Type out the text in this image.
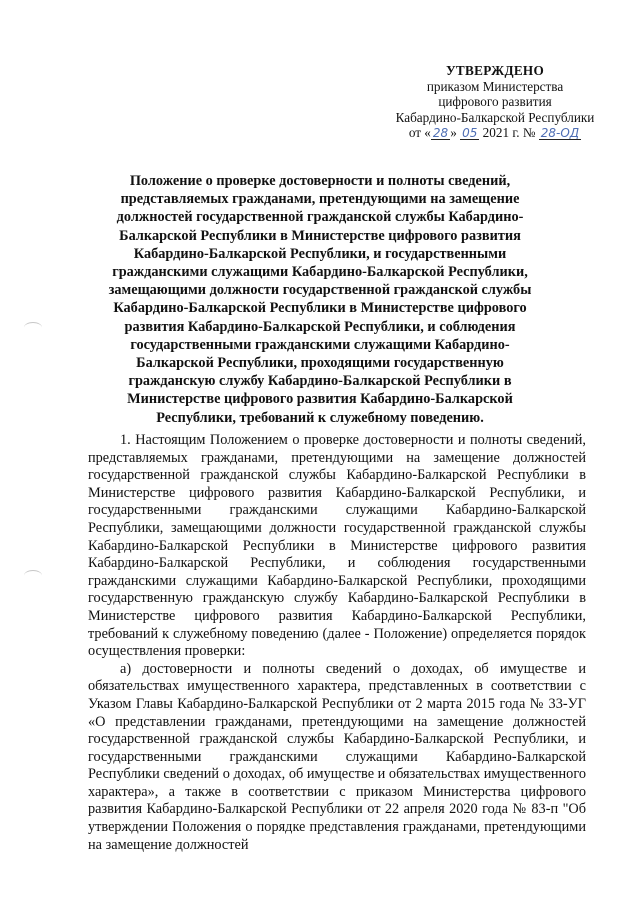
УТВЕРЖДЕНО
приказом Министерства
цифрового развития
Кабардино-Балкарской Республики
от « 28 » 05 2021 г. № 28-ОД
Положение о проверке достоверности и полноты сведений, представляемых гражданами, претендующими на замещение должностей государственной гражданской службы Кабардино-Балкарской Республики в Министерстве цифрового развития Кабардино-Балкарской Республики, и государственными гражданскими служащими Кабардино-Балкарской Республики, замещающими должности государственной гражданской службы Кабардино-Балкарской Республики в Министерстве цифрового развития Кабардино-Балкарской Республики, и соблюдения государственными гражданскими служащими Кабардино-Балкарской Республики, проходящими государственную гражданскую службу Кабардино-Балкарской Республики в Министерстве цифрового развития Кабардино-Балкарской Республики, требований к служебному поведению.

1. Настоящим Положением о проверке достоверности и полноты сведений, представляемых гражданами, претендующими на замещение должностей государственной гражданской службы Кабардино-Балкарской Республики в Министерстве цифрового развития Кабардино-Балкарской Республики, и государственными гражданскими служащими Кабардино-Балкарской Республики, замещающими должности государственной гражданской службы Кабардино-Балкарской Республики в Министерстве цифрового развития Кабардино-Балкарской Республики, и соблюдения государственными гражданскими служащими Кабардино-Балкарской Республики, проходящими государственную гражданскую службу Кабардино-Балкарской Республики в Министерстве цифрового развития Кабардино-Балкарской Республики, требований к служебному поведению (далее - Положение) определяется порядок осуществления проверки:

а) достоверности и полноты сведений о доходах, об имуществе и обязательствах имущественного характера, представленных в соответствии с Указом Главы Кабардино-Балкарской Республики от 2 марта 2015 года № 33-УГ «О представлении гражданами, претендующими на замещение должностей государственной гражданской службы Кабардино-Балкарской Республики, и государственными гражданскими служащими Кабардино-Балкарской Республики сведений о доходах, об имуществе и обязательствах имущественного характера», а также в соответствии с приказом Министерства цифрового развития Кабардино-Балкарской Республики от 22 апреля 2020 года № 83-п "Об утверждении Положения о порядке представления гражданами, претендующими на замещение должностей
